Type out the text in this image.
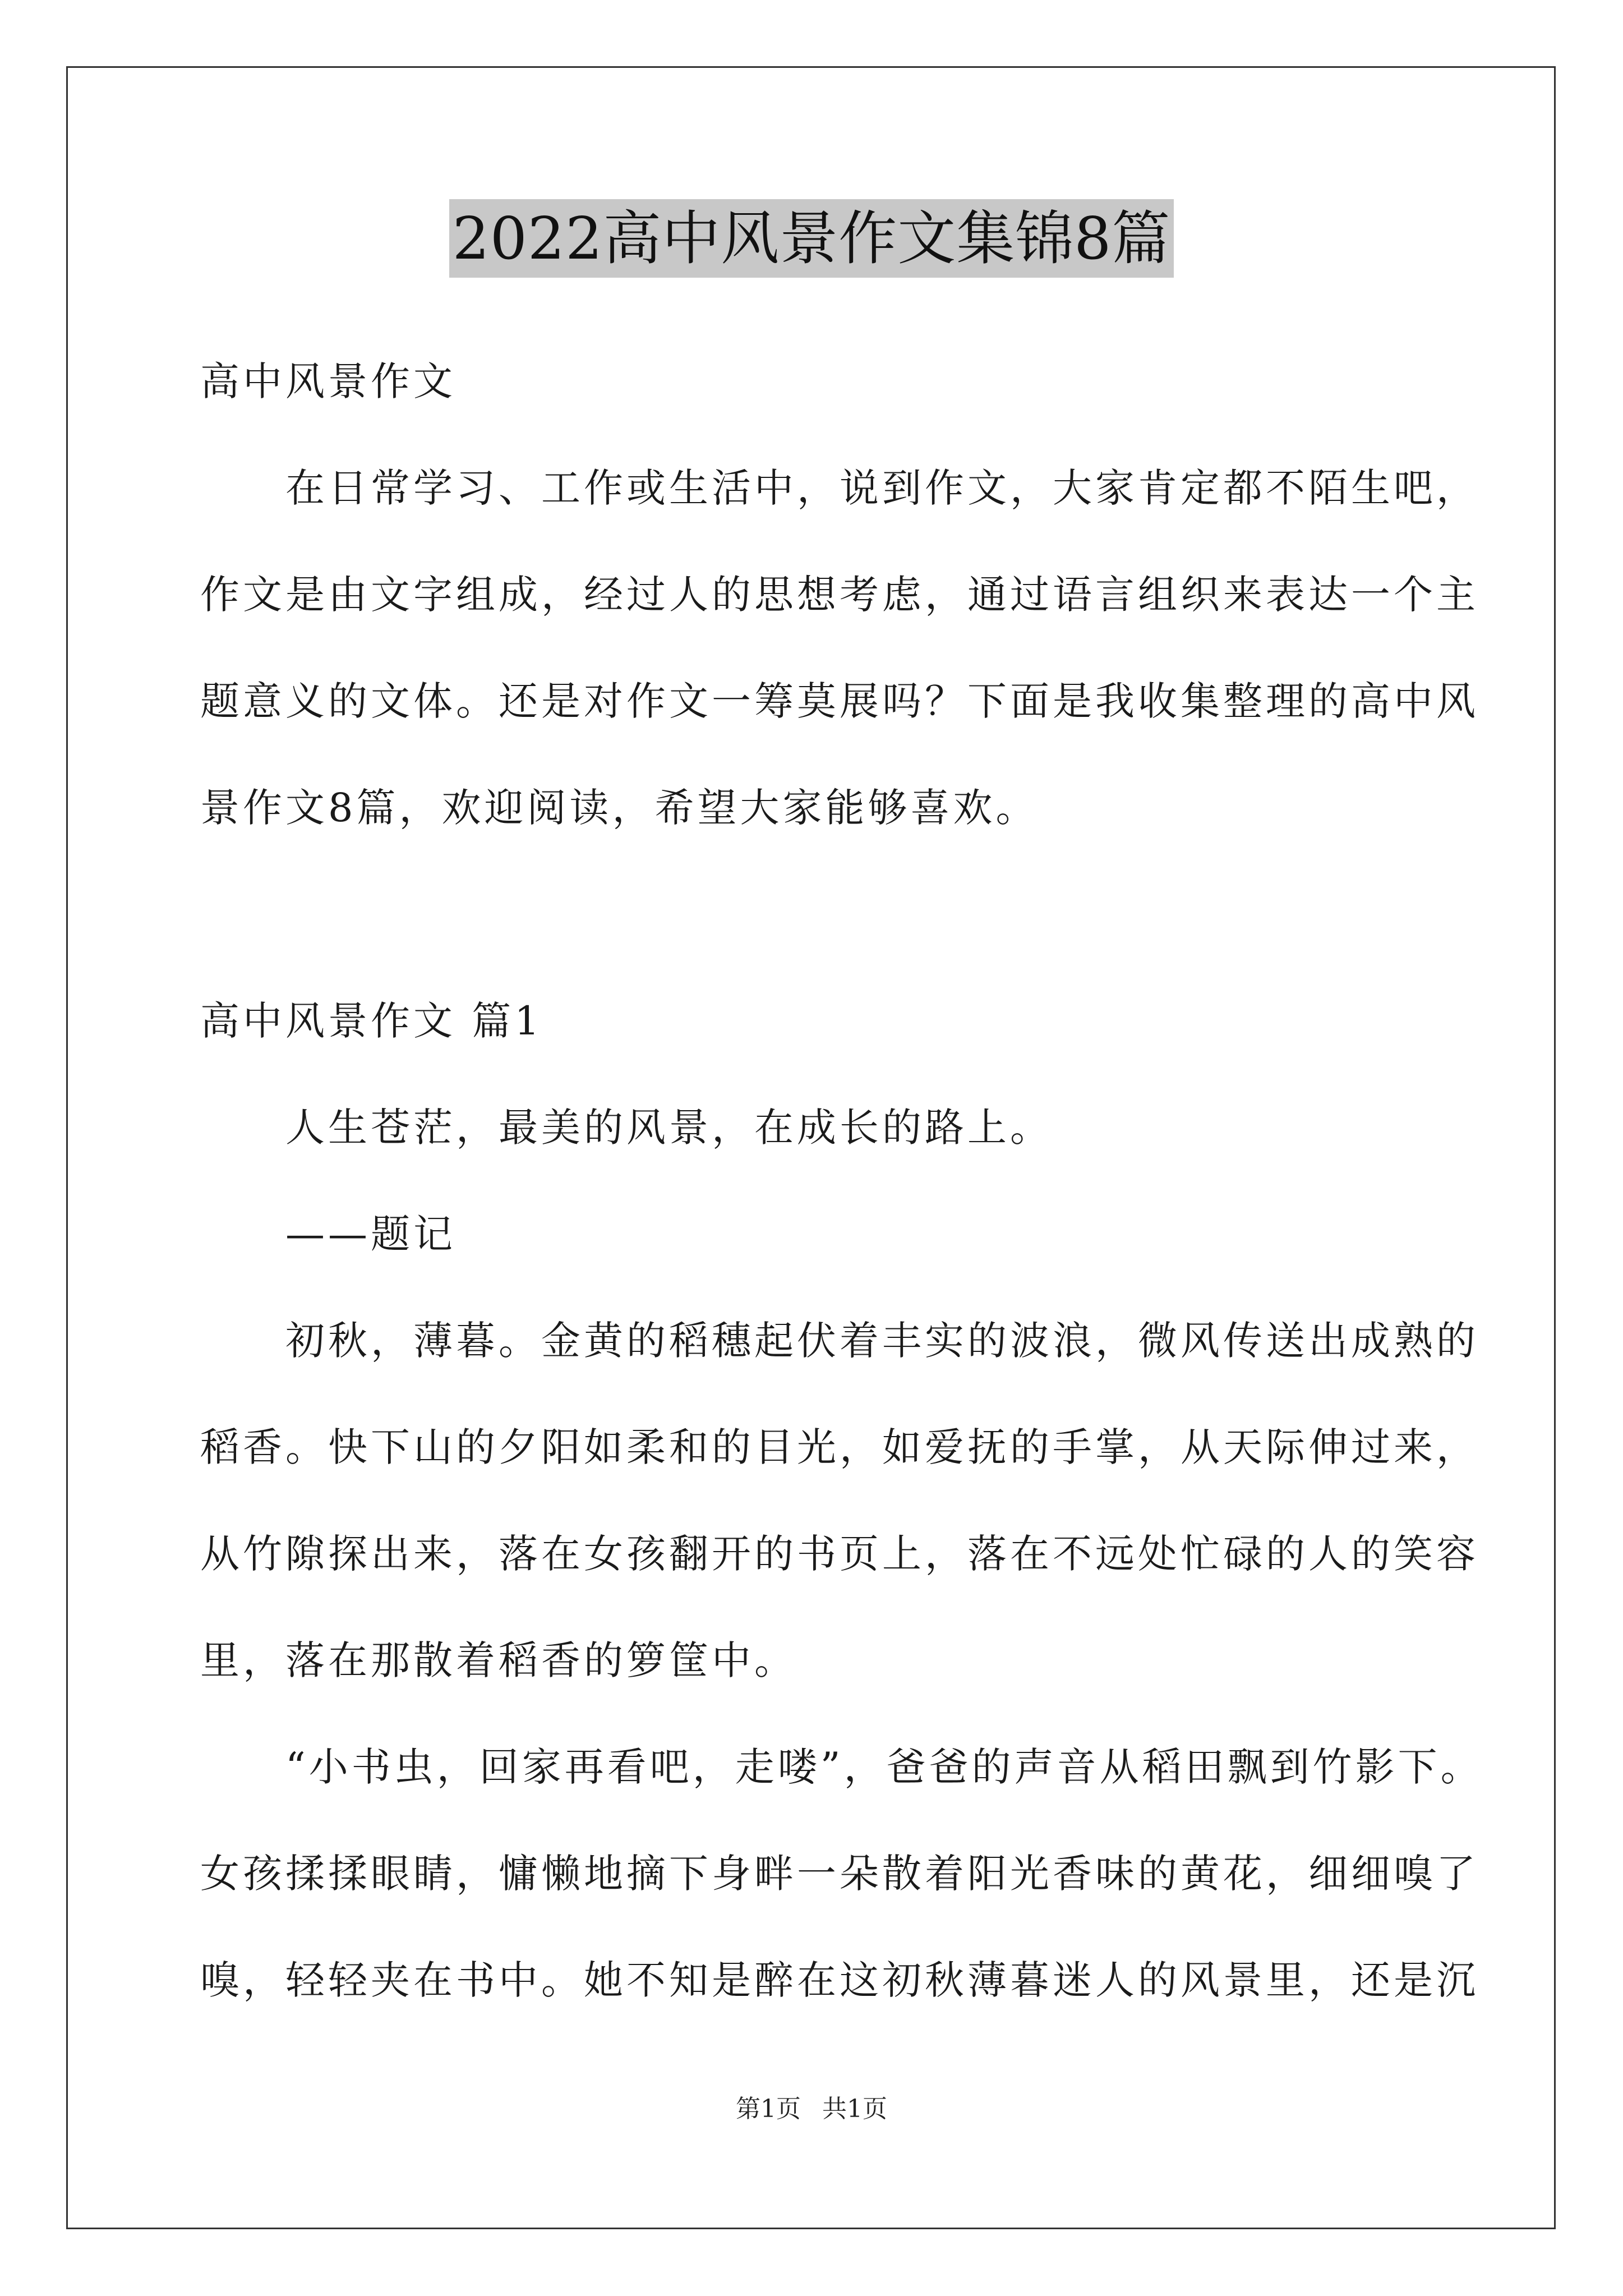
2022高中风景作文集锦8篇
高中风景作文
　　在日常学习、工作或生活中，说到作文，大家肯定都不陌生吧，
作文是由文字组成，经过人的思想考虑，通过语言组织来表达一个主
题意义的文体。还是对作文一筹莫展吗？下面是我收集整理的高中风
景作文8篇，欢迎阅读，希望大家能够喜欢。
高中风景作文 篇1
　　人生苍茫，最美的风景，在成长的路上。
　　——题记
　　初秋，薄暮。金黄的稻穗起伏着丰实的波浪，微风传送出成熟的
稻香。快下山的夕阳如柔和的目光，如爱抚的手掌，从天际伸过来，
从竹隙探出来，落在女孩翻开的书页上，落在不远处忙碌的人的笑容
里，落在那散着稻香的箩筐中。
　　“小书虫，回家再看吧，走喽”，爸爸的声音从稻田飘到竹影下。
女孩揉揉眼睛，慵懒地摘下身畔一朵散着阳光香味的黄花，细细嗅了
嗅，轻轻夹在书中。她不知是醉在这初秋薄暮迷人的风景里，还是沉
第1页 共1页
